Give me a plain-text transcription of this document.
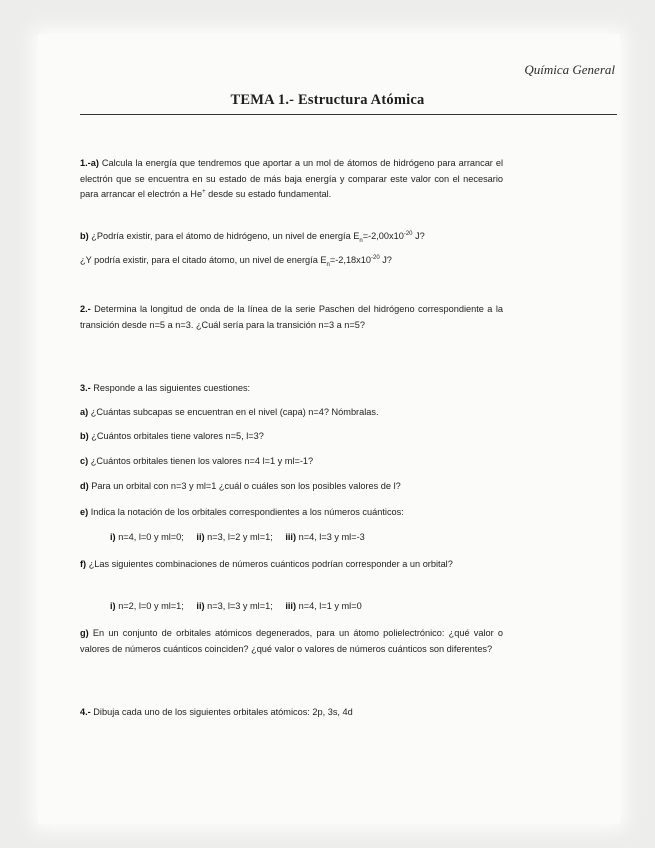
Química General
TEMA 1.- Estructura Atómica
1.-a) Calcula la energía que tendremos que aportar a un mol de átomos de hidrógeno para arrancar el electrón que se encuentra en su estado de más baja energía y comparar este valor con el necesario para arrancar el electrón a He+ desde su estado fundamental.
b) ¿Podría existir, para el átomo de hidrógeno, un nivel de energía $E_n=-2,00x10^{-20}$ J?
¿Y podría existir, para el citado átomo, un nivel de energía $E_n=-2,18x10^{-20}$ J?
2.- Determina la longitud de onda de la línea de la serie Paschen del hidrógeno correspondiente a la transición desde n=5 a n=3. ¿Cuál sería para la transición n=3 a n=5?
3.- Responde a las siguientes cuestiones:
a) ¿Cuántas subcapas se encuentran en el nivel (capa) n=4? Nómbralas.
b) ¿Cuántos orbitales tiene valores n=5, l=3?
c) ¿Cuántos orbitales tienen los valores n=4 l=1 y ml=-1?
d) Para un orbital con n=3 y ml=1 ¿cuál o cuáles son los posibles valores de l?
e) Indica la notación de los orbitales correspondientes a los números cuánticos:
i) n=4, l=0 y ml=0; ii) n=3, l=2 y ml=1; iii) n=4, l=3 y ml=-3
f) ¿Las siguientes combinaciones de números cuánticos podrían corresponder a un orbital?
i) n=2, l=0 y ml=1; ii) n=3, l=3 y ml=1; iii) n=4, l=1 y ml=0
g) En un conjunto de orbitales atómicos degenerados, para un átomo polielectrónico: ¿qué valor o valores de números cuánticos coinciden? ¿qué valor o valores de números cuánticos son diferentes?
4.- Dibuja cada uno de los siguientes orbitales atómicos: 2p, 3s, 4d
